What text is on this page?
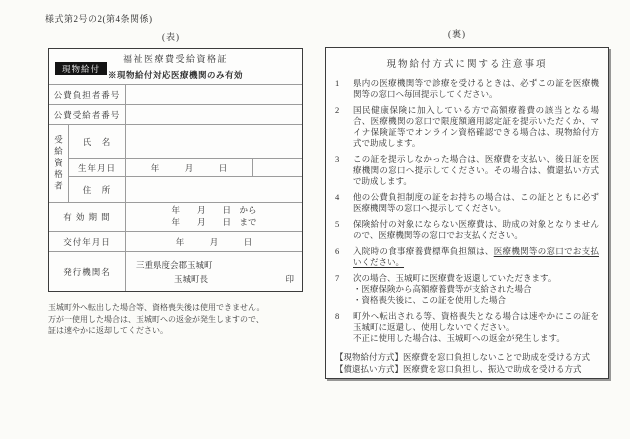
様式第2号の2(第4条関係)
(表)	(裏)
現物給付
福祉医療費受給資格証
※現物給付対応医療機関のみ有効
公費負担者番号
公費受給者番号
受給資格者	氏　名
生年月日	年　　　月　　　日
住　所
有 効 期 間
年　　月　　日　から
年　　月　　日　まで
交付年月日	年　　　月　　　日
発行機関名
三重県度会郡玉城町
玉城町長	印
玉城町外へ転出した場合等、資格喪失後は使用できません。
万が一使用した場合は、玉城町への返金が発生しますので、
証は速やかに返却してください。
現物給付方式に関する注意事項
1	県内の医療機関等で診療を受けるときは、必ずこの証を医療機関等の窓口へ毎回提示してください。
2	国民健康保険に加入している方で高額療養費の該当となる場合、医療機関の窓口で限度額適用認定証を提示いただくか、マイナ保険証等でオンライン資格確認できる場合は、現物給付方式で助成します。
3	この証を提示しなかった場合は、医療費を支払い、後日証を医療機関の窓口へ提示してください。その場合は、償還払い方式で助成します。
4	他の公費負担制度の証をお持ちの場合は、この証とともに必ず医療機関等の窓口へ提示してください。
5	保険給付の対象にならない医療費は、助成の対象となりませんので、医療機関等の窓口でお支払ください。
6	入院時の食事療養費標準負担額は、医療機関等の窓口でお支払いください。
7	次の場合、玉城町に医療費を返還していただきます。
・医療保険から高額療養費等が支給された場合
・資格喪失後に、この証を使用した場合
8	町外へ転出される等、資格喪失となる場合は速やかにこの証を玉城町に返還し、使用しないでください。
不正に使用した場合は、玉城町への返金が発生します。
【現物給付方式】医療費を窓口負担しないことで助成を受ける方式
【償還払い方式】医療費を窓口負担し、振込で助成を受ける方式
